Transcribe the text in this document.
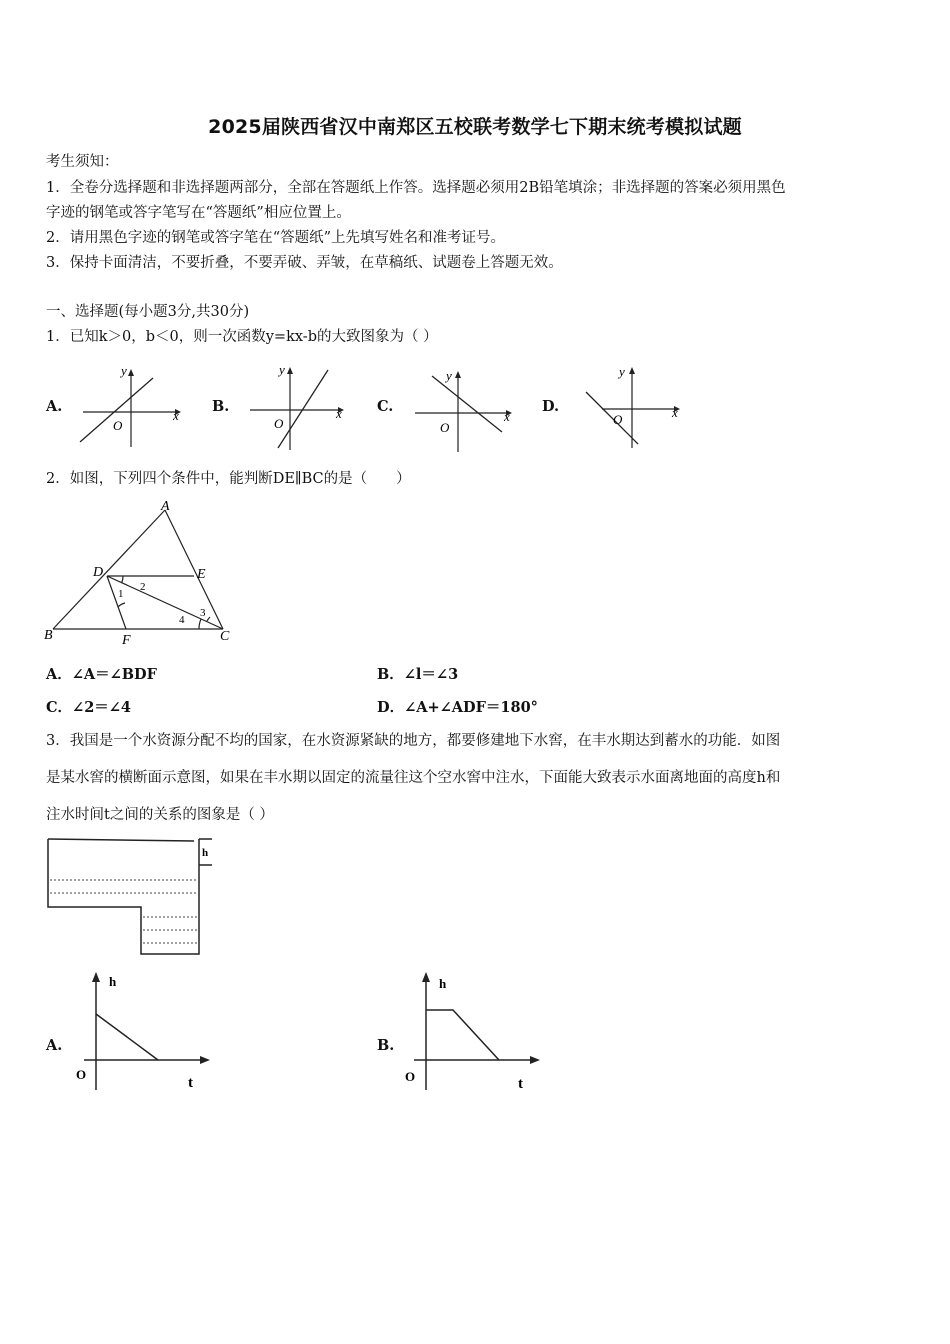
2025届陕西省汉中南郑区五校联考数学七下期末统考模拟试题
考生须知：
1．全卷分选择题和非选择题两部分，全部在答题纸上作答。选择题必须用2B铅笔填涂；非选择题的答案必须用黑色
字迹的钢笔或答字笔写在“答题纸”相应位置上。
2．请用黑色字迹的钢笔或答字笔在“答题纸”上先填写姓名和准考证号。
3．保持卡面清洁，不要折叠，不要弄破、弄皱，在草稿纸、试题卷上答题无效。
一、选择题(每小题3分,共30分)
1．已知k＞0，b＜0，则一次函数y=kx-b的大致图象为（ ）
A.	B.	C.	D.
y
x
O
y
x
O
y
x
O
y
x
O
2．如图，下列四个条件中，能判断DE∥BC的是（　　）
A
D	E
B	F	C
1
2
3
4
A．∠A＝∠BDF	B．∠l＝∠3
C．∠2＝∠4	D．∠A+∠ADF＝180°
3．我国是一个水资源分配不均的国家，在水资源紧缺的地方，都要修建地下水窖，在丰水期达到蓄水的功能．如图
是某水窖的横断面示意图，如果在丰水期以固定的流量往这个空水窖中注水，下面能大致表示水面离地面的高度h和
注水时间t之间的关系的图象是（ ）
h
A.	B.
h
t
O
h
t
O
